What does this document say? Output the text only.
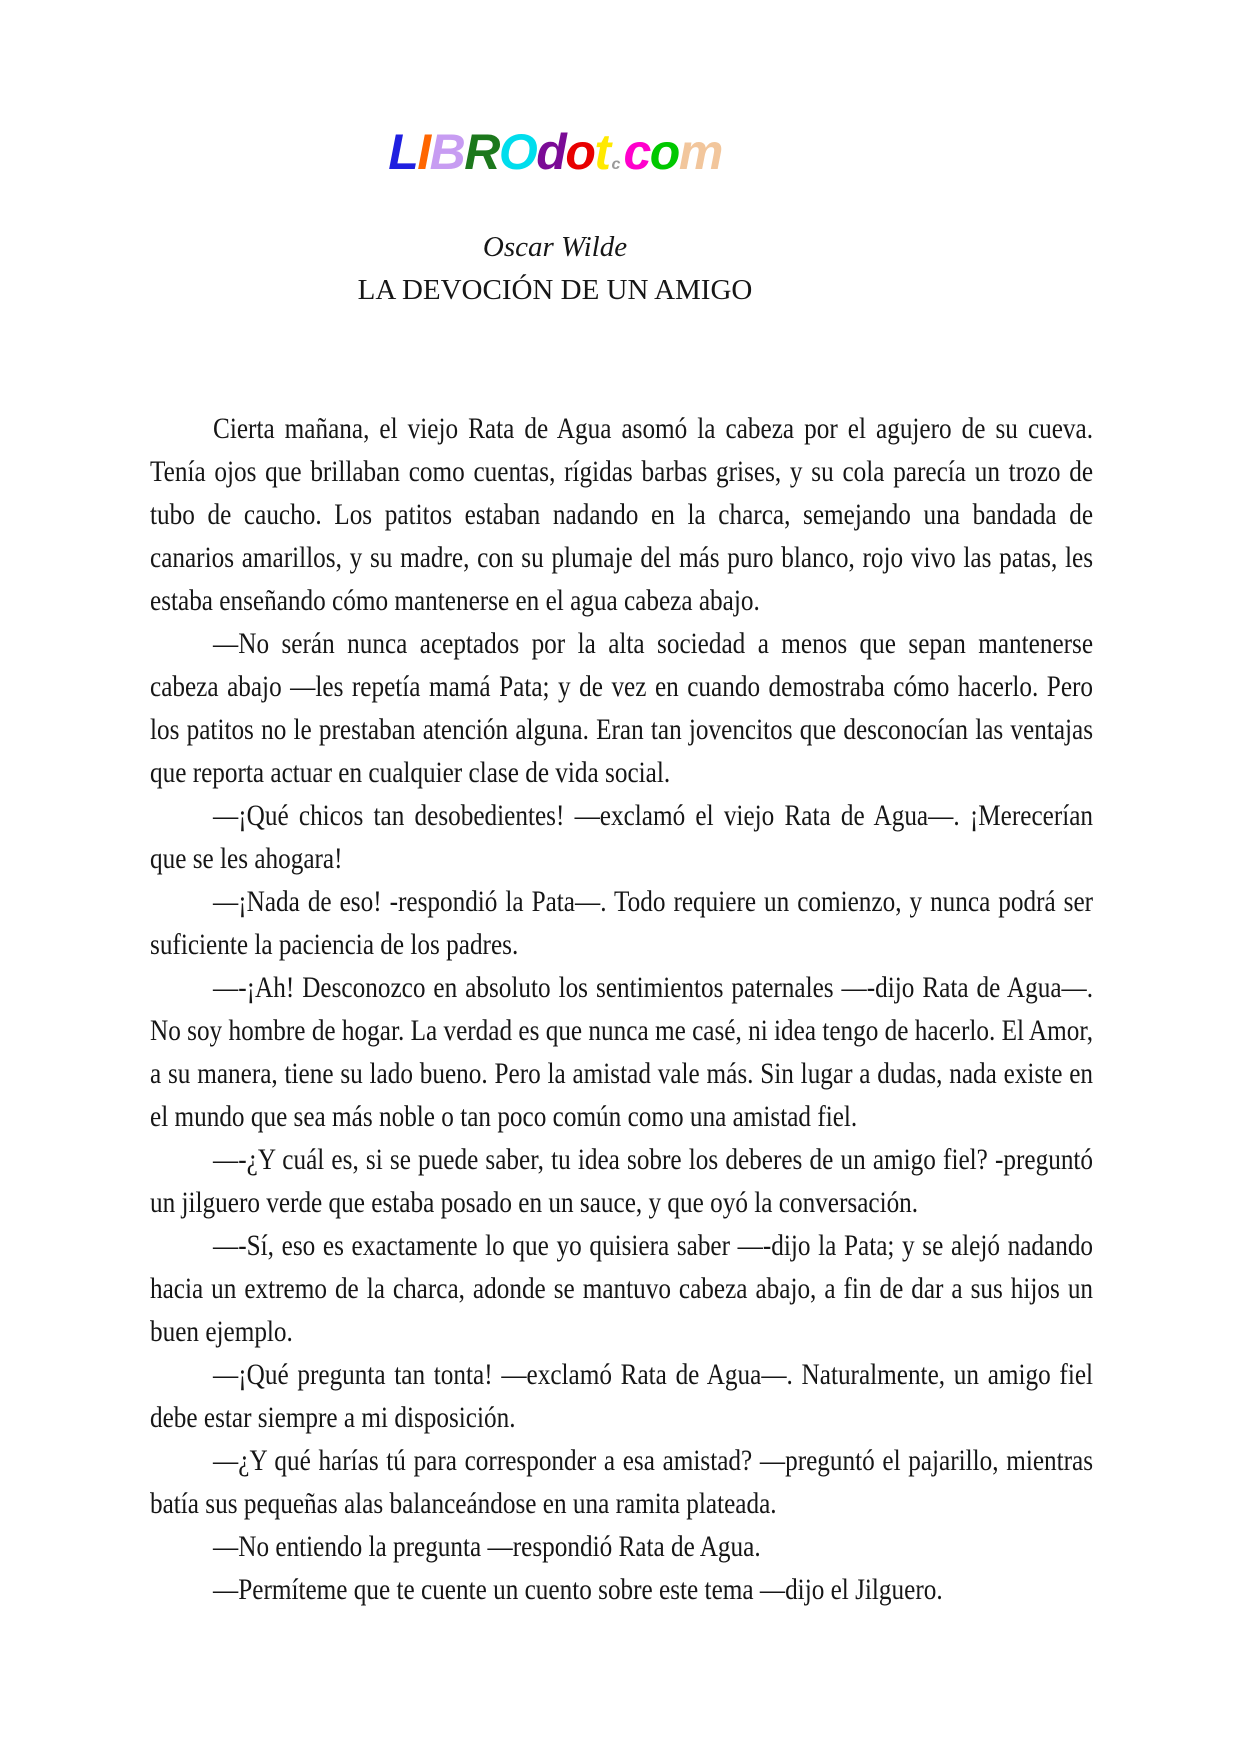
LIBROdot ccom
Oscar Wilde
LA DEVOCIÓN DE UN AMIGO

Cierta mañana, el viejo Rata de Agua asomó la cabeza por el agujero de su cueva. Tenía ojos que brillaban como cuentas, rígidas barbas grises, y su cola parecía un trozo de tubo de caucho. Los patitos estaban nadando en la charca, semejando una bandada de canarios amarillos, y su madre, con su plumaje del más puro blanco, rojo vivo las patas, les estaba enseñando cómo mantenerse en el agua cabeza abajo.

—No serán nunca aceptados por la alta sociedad a menos que sepan mantenerse cabeza abajo —les repetía mamá Pata; y de vez en cuando demostraba cómo hacerlo. Pero los patitos no le prestaban atención alguna. Eran tan jovencitos que desconocían las ventajas que reporta actuar en cualquier clase de vida social.

—¡Qué chicos tan desobedientes! —exclamó el viejo Rata de Agua—. ¡Merecerían que se les ahogara!

—¡Nada de eso! -respondió la Pata—. Todo requiere un comienzo, y nunca podrá ser suficiente la paciencia de los padres.

—-¡Ah! Desconozco en absoluto los sentimientos paternales —-dijo Rata de Agua—. No soy hombre de hogar. La verdad es que nunca me casé, ni idea tengo de hacerlo. El Amor, a su manera, tiene su lado bueno. Pero la amistad vale más. Sin lugar a dudas, nada existe en el mundo que sea más noble o tan poco común como una amistad fiel.

—-¿Y cuál es, si se puede saber, tu idea sobre los deberes de un amigo fiel? -preguntó un jilguero verde que estaba posado en un sauce, y que oyó la conversación.

—-Sí, eso es exactamente lo que yo quisiera saber —-dijo la Pata; y se alejó nadando hacia un extremo de la charca, adonde se mantuvo cabeza abajo, a fin de dar a sus hijos un buen ejemplo.

—¡Qué pregunta tan tonta! —exclamó Rata de Agua—. Naturalmente, un amigo fiel debe estar siempre a mi disposición.

—¿Y qué harías tú para corresponder a esa amistad? —preguntó el pajarillo, mientras batía sus pequeñas alas balanceándose en una ramita plateada.

—No entiendo la pregunta —respondió Rata de Agua.

—Permíteme que te cuente un cuento sobre este tema —dijo el Jilguero.
